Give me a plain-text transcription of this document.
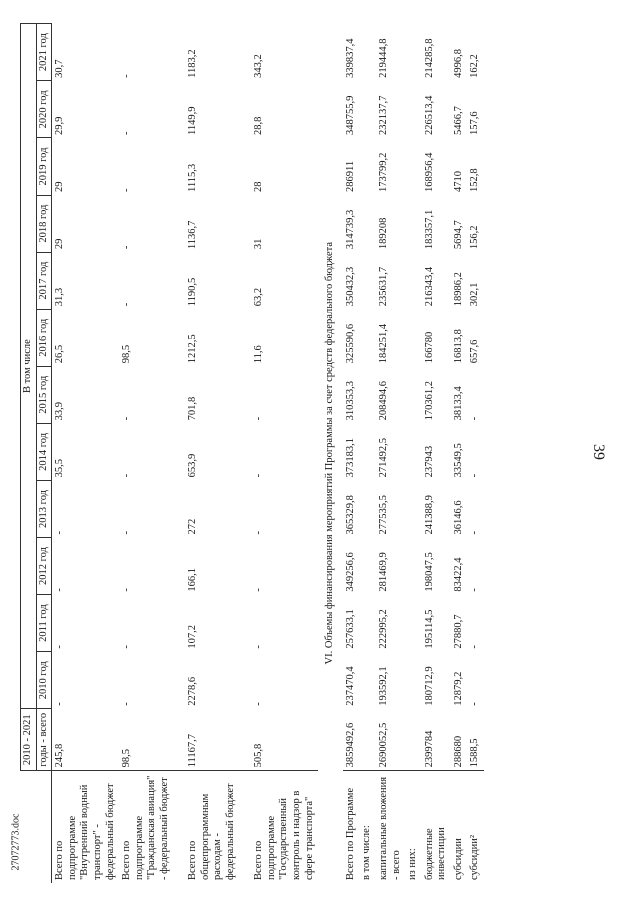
39
27072773.doc
	2010 - 2021	В том числе											
	годы - всего	2010 год	2011 год	2012 год	2013 год	2014 год	2015 год	2016 год	2017 год	2018 год	2019 год	2020 год	2021 год
Всего по подпрограмме "Внутренний водный транспорт" - федеральный бюджет	245,8	-	-	-	-	35,5	33,9	26,5	31,3	29	29	29,9	30,7
Всего по подпрограмме "Гражданская авиация" - федеральный бюджет	98,5	-	-	-	-	-	-	98,5	-	-	-	-	-
Всего по общепрограммным расходам - федеральный бюджет	11167,7	2278,6	107,2	166,1	272	653,9	701,8	1212,5	1190,5	1136,7	1115,3	1149,9	1183,2
Всего по подпрограмме "Государственный контроль и надзор в сфере транспорта"	505,8	-	-	-	-	-	-	11,6	63,2	31	28	28,8	343,2
VI. Объемы финансирования мероприятий Программы за счет средств федерального бюджета													
Всего по Программе	3859492,6	237470,4	257633,1	349256,6	365329,8	373183,1	310353,3	325590,6	350432,3	314739,3	286911	348755,9	339837,4
в том числе:													
капитальные вложения - всего	2690052,5	193592,1	222995,2	281469,9	277535,5	271492,5	208494,6	184251,4	235631,7	189208	173799,2	232137,7	219444,8
из них:													
бюджетные инвестиции	2399784	180712,9	195114,5	198047,5	241388,9	237943	170361,2	166780	216343,4	183357,1	168956,4	226513,4	214285,8
субсидии	288680	12879,2	27880,7	83422,4	36146,6	33549,5	38133,4	16813,8	18986,2	5694,7	4710	5466,7	4996,8
субсидии²	1588,5	-	-	-	-	-	-	657,6	302,1	156,2	152,8	157,6	162,2
